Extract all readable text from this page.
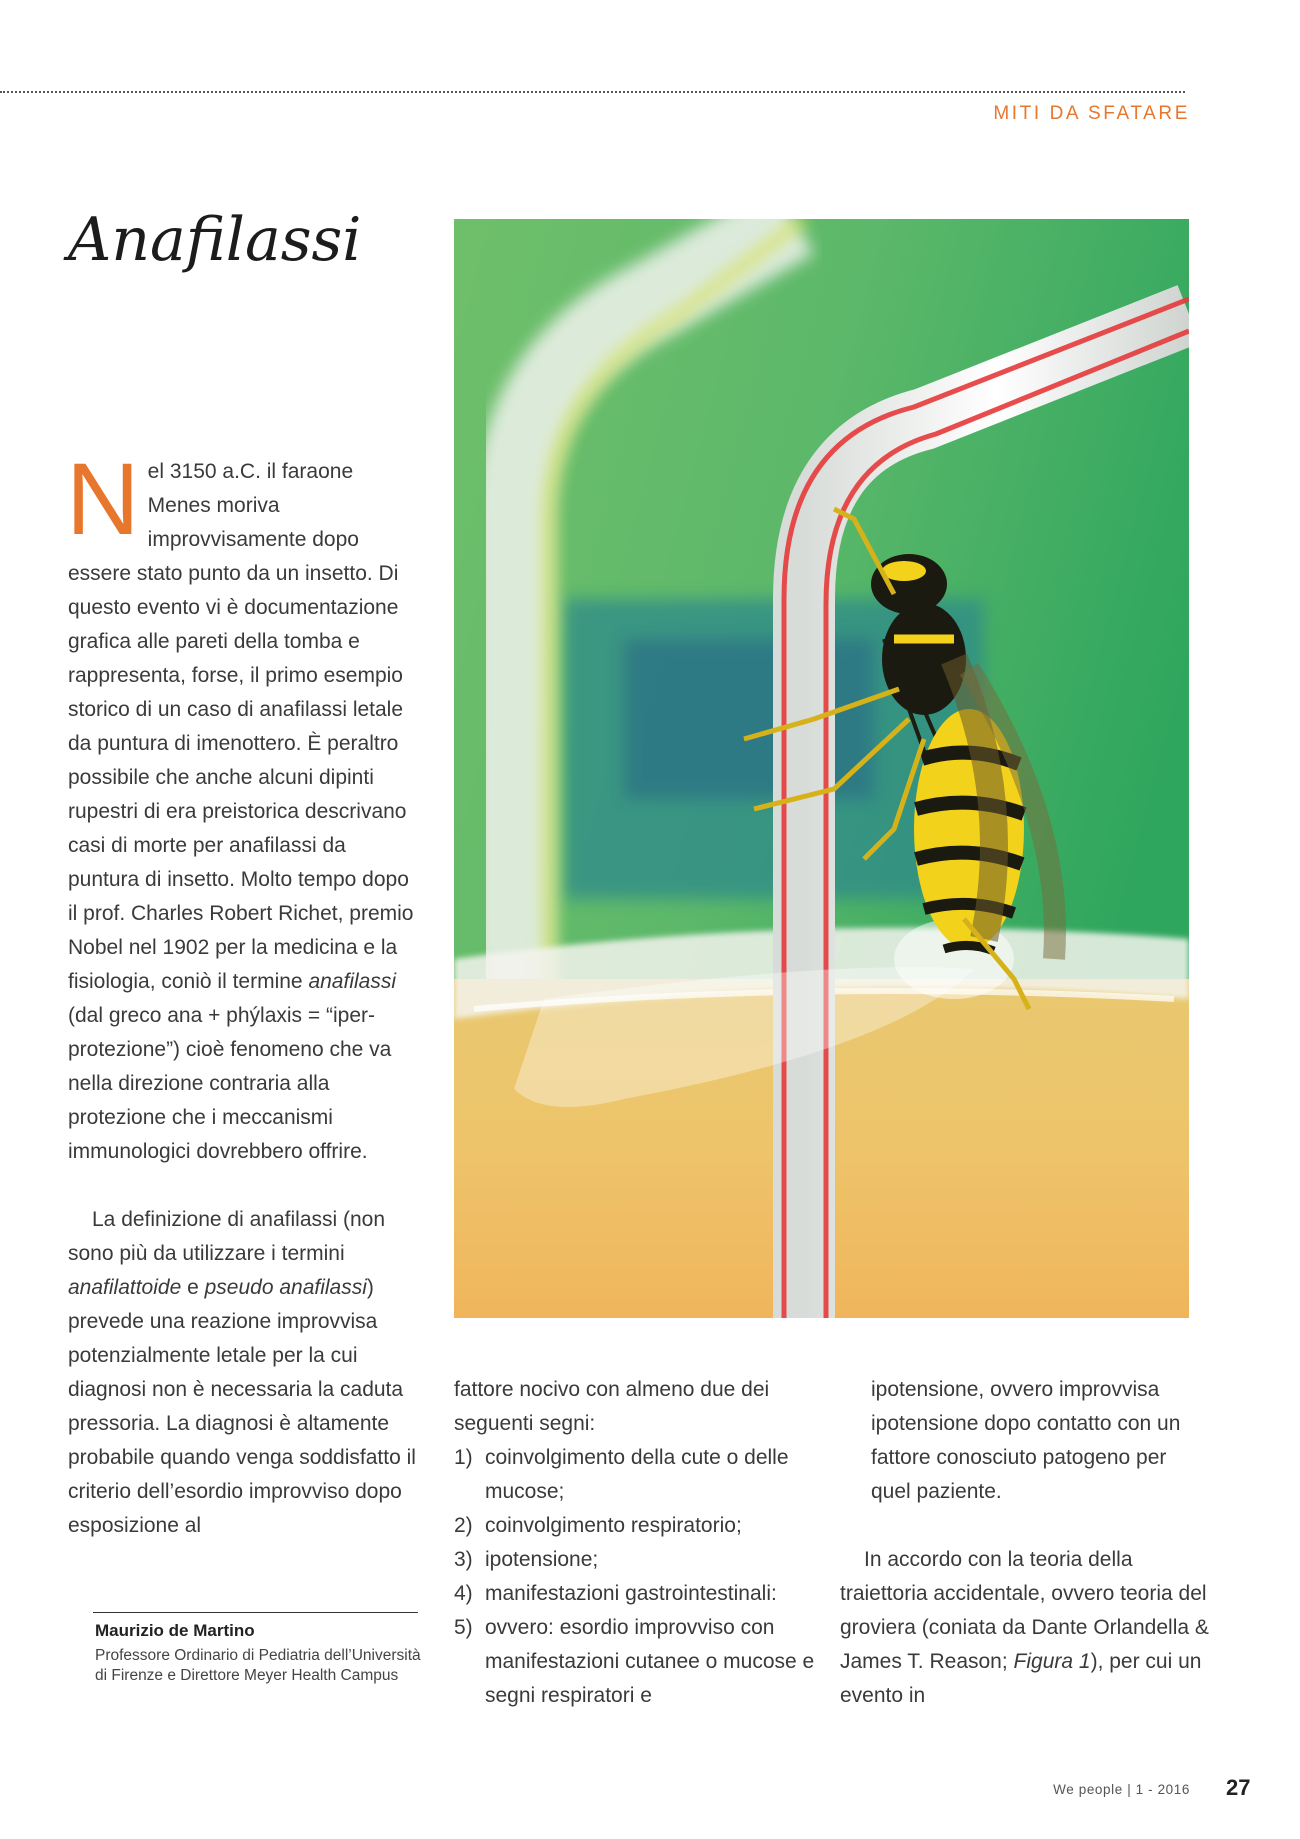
MITI DA SFATARE
Anafilassi

Nel 3150 a.C. il faraone Menes moriva improvvisamente dopo essere stato punto da un insetto. Di questo evento vi è documentazione grafica alle pareti della tomba e rappresenta, forse, il primo esempio storico di un caso di anafilassi letale da puntura di imenottero. È peraltro possibile che anche alcuni dipinti rupestri di era preistorica descrivano casi di morte per anafilassi da puntura di insetto. Molto tempo dopo il prof. Charles Robert Richet, premio Nobel nel 1902 per la medicina e la fisiologia, coniò il termine anafilassi (dal greco ana + phýlaxis = “iper-protezione”) cioè fenomeno che va nella direzione contraria alla protezione che i meccanismi immunologici dovrebbero offrire.

La definizione di anafilassi (non sono più da utilizzare i termini anafilattoide e pseudo anafilassi) prevede una reazione improvvisa potenzialmente letale per la cui diagnosi non è necessaria la caduta pressoria. La diagnosi è altamente probabile quando venga soddisfatto il criterio dell’esordio improvviso dopo esposizione al

fattore nocivo con almeno due dei seguenti segni:

1) coinvolgimento della cute o delle mucose;
2) coinvolgimento respiratorio;
3) ipotensione;
4) manifestazioni gastrointestinali:
5) ovvero: esordio improvviso con manifestazioni cutanee o mucose e segni respiratori e

ipotensione, ovvero improvvisa ipotensione dopo contatto con un fattore conosciuto patogeno per quel paziente.

In accordo con la teoria della traiettoria accidentale, ovvero teoria del groviera (coniata da Dante Orlandella & James T. Reason; Figura 1), per cui un evento in

Maurizio de Martino
Professore Ordinario di Pediatria dell’Università di Firenze e Direttore Meyer Health Campus
We people | 1 - 2016 27
